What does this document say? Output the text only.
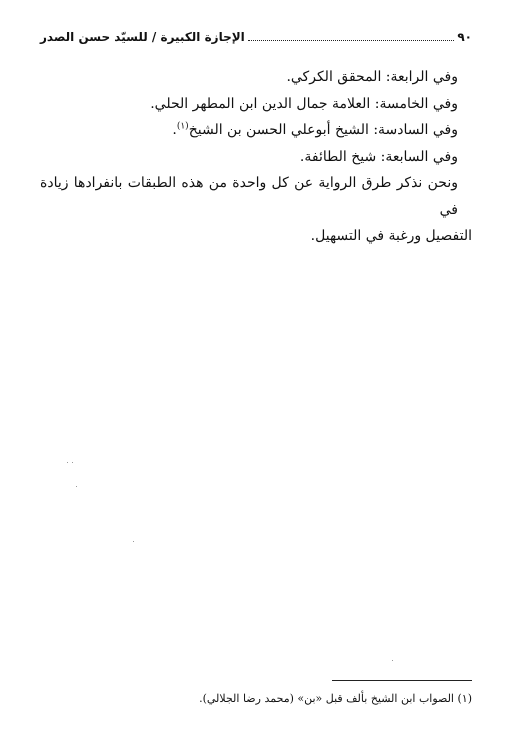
٩٠
الإجازة الكبيرة / للسيّد حسن الصدر
وفي الرابعة: المحقق الكركي.
وفي الخامسة: العلامة جمال الدين ابن المطهر الحلي.
وفي السادسة: الشيخ أبوعلي الحسن بن الشيخ$^{(١)}$.
وفي السابعة: شيخ الطائفة.
ونحن نذكر طرق الرواية عن كل واحدة من هذه الطبقات بانفرادها زيادة في
التفصيل ورغبة في التسهيل.
(١) الصواب ابن الشيخ بألف قبل «بن» (محمد رضا الجلالي).
